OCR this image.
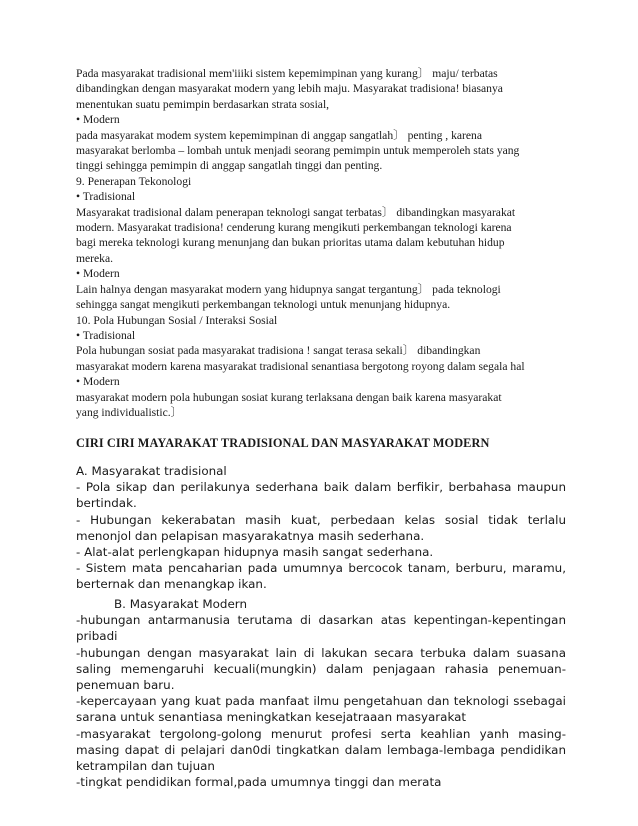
Pada masyarakat tradisional mem'iiiki sistem kepemimpinan yang kurang〕 maju/ terbatas

dibandingkan dengan masyarakat modern yang lebih maju. Masyarakat tradisiona! biasanya

menentukan suatu pemimpin berdasarkan strata sosial,

• Modern

pada masyarakat modem system kepemimpinan di anggap sangatlah〕 penting , karena

masyarakat berlomba – lombah untuk menjadi seorang pemimpin untuk memperoleh stats yang

tinggi sehingga pemimpin di anggap sangatlah tinggi dan penting.

9. Penerapan Tekonologi

• Tradisional

Masyarakat tradisional dalam penerapan teknologi sangat terbatas〕 dibandingkan masyarakat

modern. Masyarakat tradisiona! cenderung kurang mengikuti perkembangan teknologi karena

bagi mereka teknologi kurang menunjang dan bukan prioritas utama dalam kebutuhan hidup

mereka.

• Modern

Lain halnya dengan masyarakat modern yang hidupnya sangat tergantung〕 pada teknologi

sehingga sangat mengikuti perkembangan teknologi untuk menunjang hidupnya.

10. Pola Hubungan Sosial / Interaksi Sosial

• Tradisional

Pola hubungan sosiat pada masyarakat tradisiona ! sangat terasa sekali〕 dibandingkan

masyarakat modern karena masyarakat tradisional senantiasa bergotong royong dalam segala hal

• Modern

masyarakat modern pola hubungan sosiat kurang terlaksana dengan baik karena masyarakat

yang individualistic.〕

CIRI CIRI MAYARAKAT TRADISIONAL DAN MASYARAKAT MODERN

A. Masyarakat tradisional

- Pola sikap dan perilakunya sederhana baik dalam berfikir, berbahasa maupun bertindak.

- Hubungan kekerabatan masih kuat, perbedaan kelas sosial tidak terlalu menonjol dan pelapisan masyarakatnya masih sederhana.

- Alat-alat perlengkapan hidupnya masih sangat sederhana.

- Sistem mata pencaharian pada umumnya bercocok tanam, berburu, maramu, berternak dan menangkap ikan.

B. Masyarakat Modern

-hubungan antarmanusia terutama di dasarkan atas kepentingan-kepentingan pribadi

-hubungan dengan masyarakat lain di lakukan secara terbuka dalam suasana saling memengaruhi kecuali(mungkin) dalam penjagaan rahasia penemuan-penemuan baru.

-kepercayaan yang kuat pada manfaat ilmu pengetahuan dan teknologi ssebagai sarana untuk senantiasa meningkatkan kesejatraaan masyarakat

-masyarakat tergolong-golong menurut profesi serta keahlian yanh masing-masing dapat di pelajari dan0di tingkatkan dalam lembaga-lembaga pendidikan ketrampilan dan tujuan

-tingkat pendidikan formal,pada umumnya tinggi dan merata
